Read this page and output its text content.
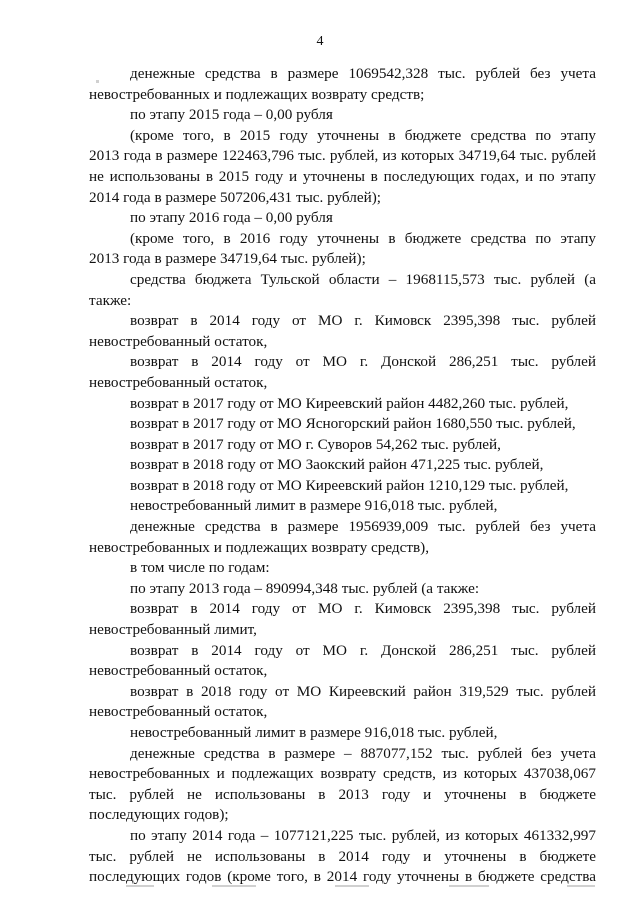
4
денежные средства в размере 1069542,328 тыс. рублей без учета
невостребованных и подлежащих возврату средств;
по этапу 2015 года – 0,00 рубля
(кроме того, в 2015 году уточнены в бюджете средства по этапу
2013 года в размере 122463,796 тыс. рублей, из которых 34719,64 тыс. рублей
не использованы в 2015 году и уточнены в последующих годах, и по этапу
2014 года в размере 507206,431 тыс. рублей);
по этапу 2016 года – 0,00 рубля
(кроме того, в 2016 году уточнены в бюджете средства по этапу
2013 года в размере 34719,64 тыс. рублей);
средства бюджета Тульской области – 1968115,573 тыс. рублей (а
также:
возврат в 2014 году от МО г. Кимовск 2395,398 тыс. рублей
невостребованный остаток,
возврат в 2014 году от МО г. Донской 286,251 тыс. рублей
невостребованный остаток,
возврат в 2017 году от МО Киреевский район 4482,260 тыс. рублей,
возврат в 2017 году от МО Ясногорский район 1680,550 тыс. рублей,
возврат в 2017 году от МО г. Суворов 54,262 тыс. рублей,
возврат в 2018 году от МО Заокский район 471,225 тыс. рублей,
возврат в 2018 году от МО Киреевский район 1210,129 тыс. рублей,
невостребованный лимит в размере 916,018 тыс. рублей,
денежные средства в размере 1956939,009 тыс. рублей без учета
невостребованных и подлежащих возврату средств),
в том числе по годам:
по этапу 2013 года – 890994,348 тыс. рублей (а также:
возврат в 2014 году от МО г. Кимовск 2395,398 тыс. рублей
невостребованный лимит,
возврат в 2014 году от МО г. Донской 286,251 тыс. рублей
невостребованный остаток,
возврат в 2018 году от МО Киреевский район 319,529 тыс. рублей
невостребованный остаток,
невостребованный лимит в размере 916,018 тыс. рублей,
денежные средства в размере – 887077,152 тыс. рублей без учета
невостребованных и подлежащих возврату средств, из которых 437038,067
тыс. рублей не использованы в 2013 году и уточнены в бюджете
последующих годов);
по этапу 2014 года – 1077121,225 тыс. рублей, из которых 461332,997
тыс. рублей не использованы в 2014 году и уточнены в бюджете
последующих годов (кроме того, в 2014 году уточнены в бюджете средства
